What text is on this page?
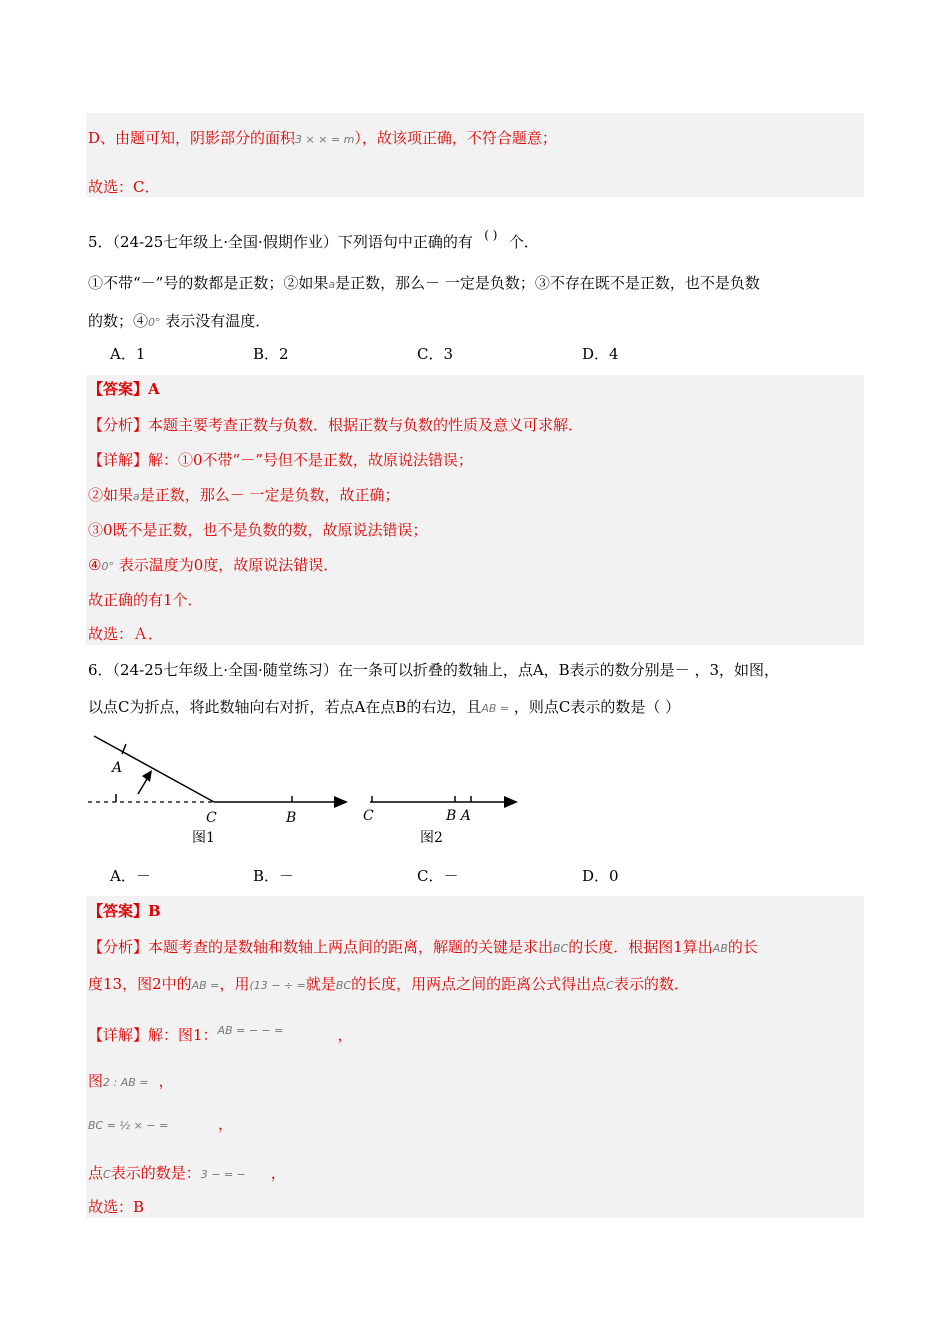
D、由题可知，阴影部分的面积3 × × = m），故该项正确，不符合题意；
故选：C．
5．（24-25七年级上·全国·假期作业）下列语句中正确的有 ( ) 个．
①不带“－”号的数都是正数；②如果a是正数，那么－ 一定是负数；③不存在既不是正数，也不是负数
的数；④0° 表示没有温度．
A．1	B．2	C．3	D．4
【答案】A
【分析】本题主要考查正数与负数．根据正数与负数的性质及意义可求解．
【详解】解：①0不带“－”号但不是正数，故原说法错误；
②如果a是正数，那么－ 一定是负数，故正确；
③0既不是正数，也不是负数的数，故原说法错误；
④0° 表示温度为0度，故原说法错误．
故正确的有1个．
故选：Ａ．
6．（24-25七年级上·全国·随堂练习）在一条可以折叠的数轴上，点A，B表示的数分别是－ ，3，如图，
以点C为折点，将此数轴向右对折，若点A在点B的右边，且AB = ，则点C表示的数是（ ）
A
C	B
图1
C	B A
图2
A．－	B．－	C．－	D．0
【答案】B
【分析】本题考查的是数轴和数轴上两点间的距离，解题的关键是求出BC的长度．根据图1算出AB的长
度13，图2中的AB =，用(13 − ÷ =就是BC的长度，用两点之间的距离公式得出点C表示的数．
【详解】解：图1：AB = − − =	，
图2 : AB = ，
BC = ½ × − =	，
点C表示的数是：3 − = − ，
故选：B
